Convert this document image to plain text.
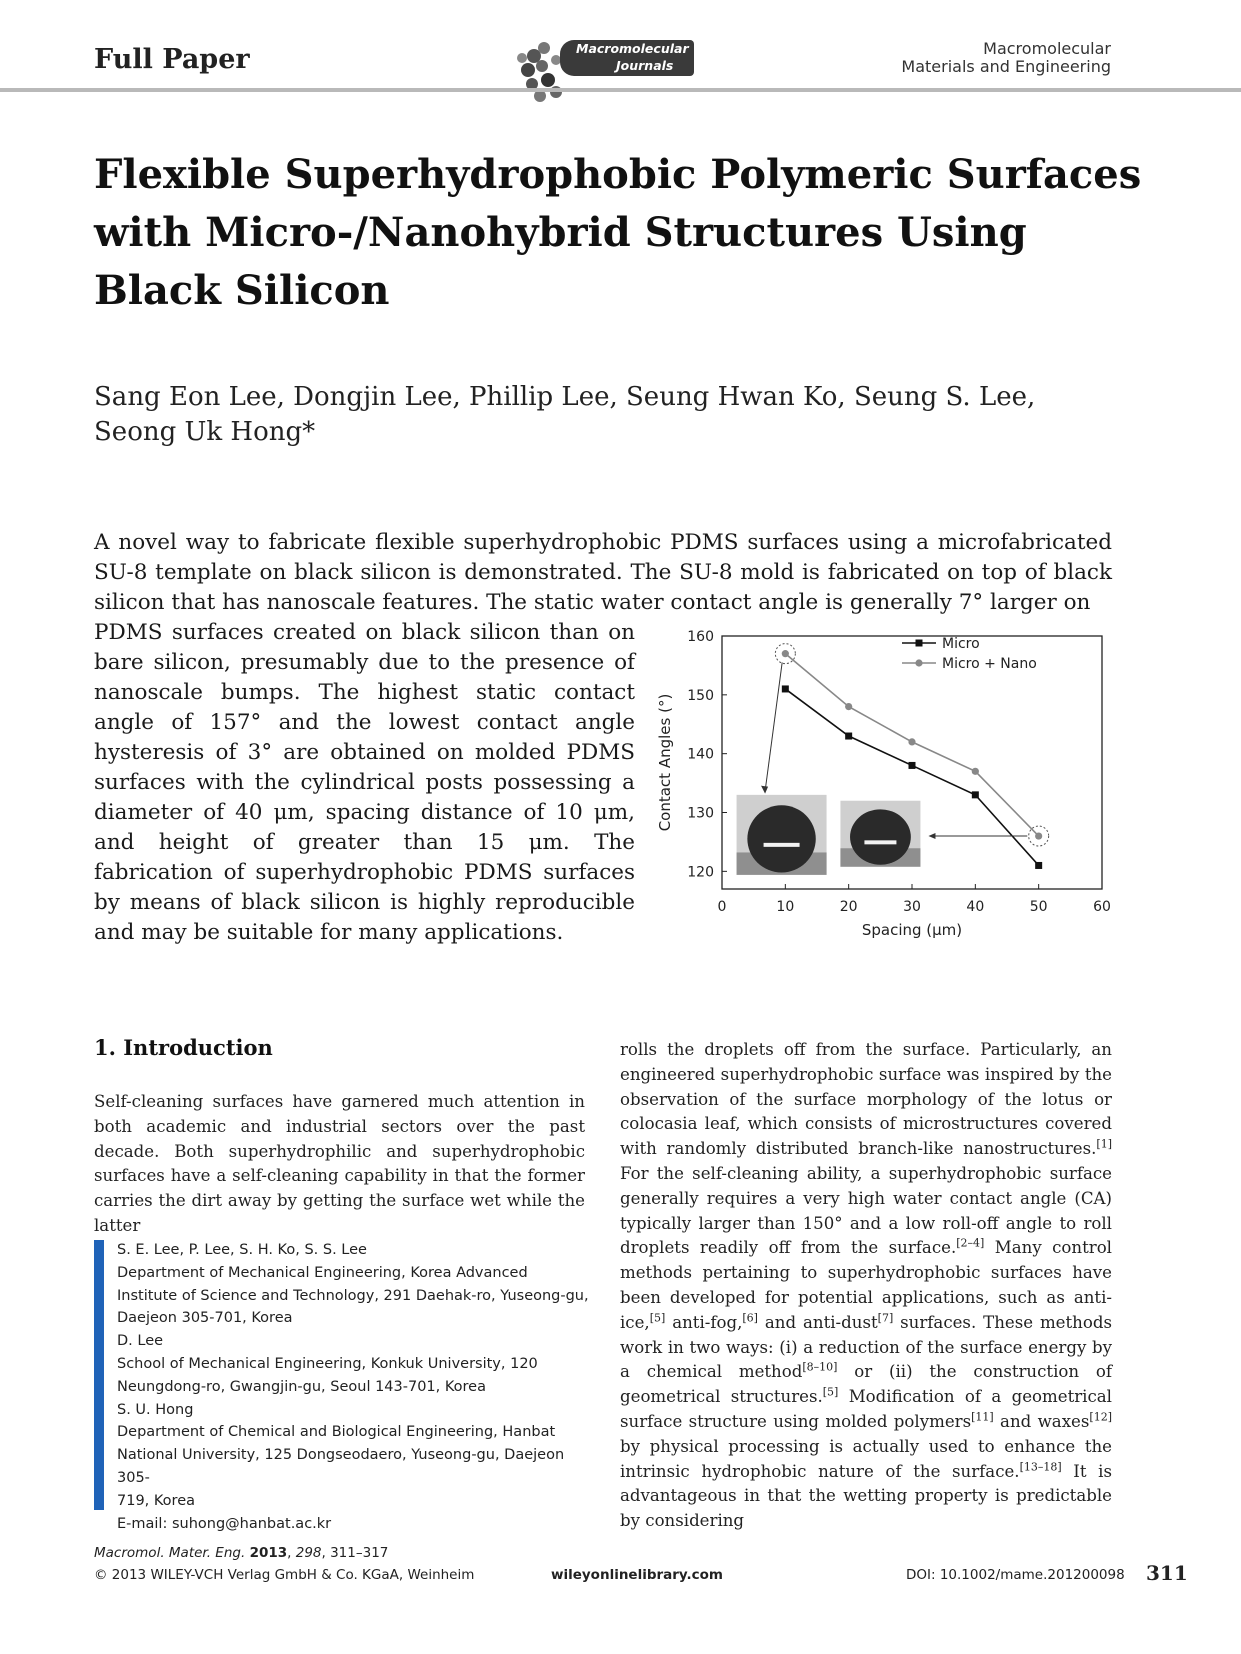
Full Paper	Macromolecular
Journals
Macromolecular
Materials and Engineering
Flexible Superhydrophobic Polymeric Surfaces with Micro-/Nanohybrid Structures Using Black Silicon
Sang Eon Lee, Dongjin Lee, Phillip Lee, Seung Hwan Ko, Seung S. Lee,
Seong Uk Hong*
A novel way to fabricate flexible superhydrophobic PDMS surfaces using a microfabricated SU-8 template on black silicon is demonstrated. The SU-8 mold is fabricated on top of black silicon that has nanoscale features. The static water contact angle is generally 7° larger on
PDMS surfaces created on black silicon than on bare silicon, presumably due to the presence of nanoscale bumps. The highest static contact angle of 157° and the lowest contact angle hysteresis of 3° are obtained on molded PDMS surfaces with the cylindrical posts possessing a diameter of 40 μm, spacing distance of 10 μm, and height of greater than 15 μm. The fabrication of superhydrophobic PDMS surfaces by means of black silicon is highly reproducible and may be suitable for many applications.
0	10	20	30	40	50	60
120
130
140
150
160
Spacing (μm)
Contact Angles (°)
Micro
Micro + Nano
1. Introduction
Self-cleaning surfaces have garnered much attention in both academic and industrial sectors over the past decade. Both superhydrophilic and superhydrophobic surfaces have a self-cleaning capability in that the former carries the dirt away by getting the surface wet while the latter
rolls the droplets off from the surface. Particularly, an engineered superhydrophobic surface was inspired by the observation of the surface morphology of the lotus or colocasia leaf, which consists of microstructures covered with randomly distributed branch-like nanostructures.[1] For the self-cleaning ability, a superhydrophobic surface generally requires a very high water contact angle (CA) typically larger than 150° and a low roll-off angle to roll droplets readily off from the surface.[2–4] Many control methods pertaining to superhydrophobic surfaces have been developed for potential applications, such as anti-ice,[5] anti-fog,[6] and anti-dust[7] surfaces. These methods work in two ways: (i) a reduction of the surface energy by a chemical method[8–10] or (ii) the construction of geometrical structures.[5] Modification of a geometrical surface structure using molded polymers[11] and waxes[12] by physical processing is actually used to enhance the intrinsic hydrophobic nature of the surface.[13–18] It is advantageous in that the wetting property is predictable by considering
S. E. Lee, P. Lee, S. H. Ko, S. S. Lee
Department of Mechanical Engineering, Korea Advanced
Institute of Science and Technology, 291 Daehak-ro, Yuseong-gu,
Daejeon 305-701, Korea
D. Lee
School of Mechanical Engineering, Konkuk University, 120
Neungdong-ro, Gwangjin-gu, Seoul 143-701, Korea
S. U. Hong
Department of Chemical and Biological Engineering, Hanbat
National University, 125 Dongseodaero, Yuseong-gu, Daejeon 305-
719, Korea
E-mail: suhong@hanbat.ac.kr
Macromol. Mater. Eng. 2013, 298, 311–317
© 2013 WILEY-VCH Verlag GmbH & Co. KGaA, Weinheim	wileyonlinelibrary.com	DOI: 10.1002/mame.201200098 311
